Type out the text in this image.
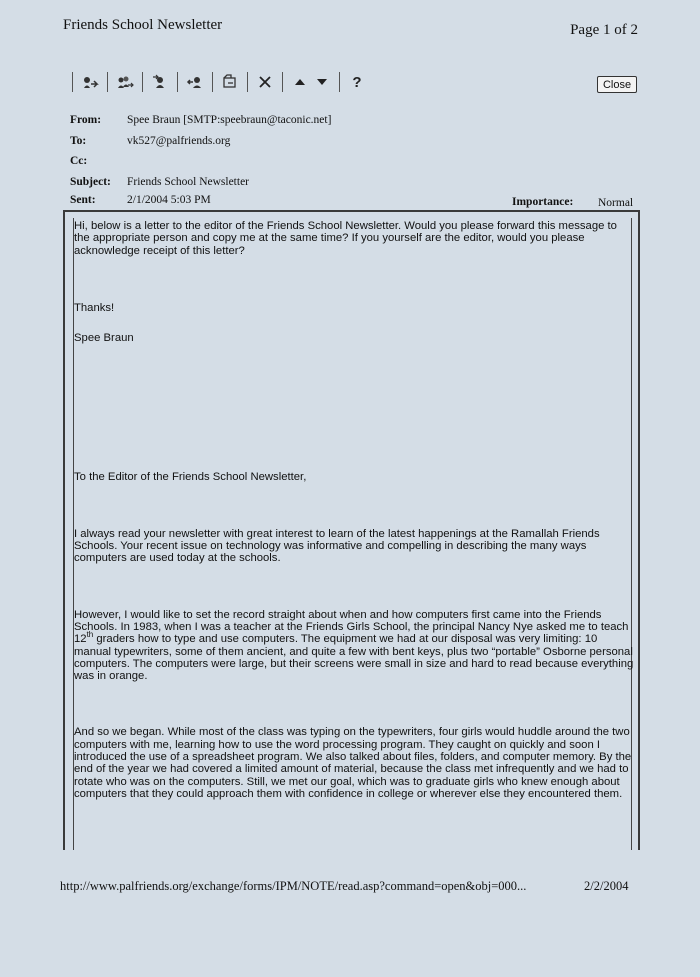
Friends School Newsletter	Page 1 of 2
?	Close
From: Spee Braun [SMTP:speebraun@taconic.net]
To:	vk527@palfriends.org
Cc:
Subject: Friends School Newsletter
Sent:	2/1/2004 5:03 PM	Importance: Normal

Hi, below is a letter to the editor of the Friends School Newsletter. Would you please forward this message to the appropriate person and copy me at the same time? If you yourself are the editor, would you please acknowledge receipt of this letter?

Thanks!

Spee Braun

To the Editor of the Friends School Newsletter,

I always read your newsletter with great interest to learn of the latest happenings at the Ramallah Friends Schools. Your recent issue on technology was informative and compelling in describing the many ways computers are used today at the schools.

However, I would like to set the record straight about when and how computers first came into the Friends Schools. In 1983, when I was a teacher at the Friends Girls School, the principal Nancy Nye asked me to teach 12th graders how to type and use computers. The equipment we had at our disposal was very limiting: 10 manual typewriters, some of them ancient, and quite a few with bent keys, plus two “portable” Osborne personal computers. The computers were large, but their screens were small in size and hard to read because everything was in orange.

And so we began. While most of the class was typing on the typewriters, four girls would huddle around the two computers with me, learning how to use the word processing program. They caught on quickly and soon I introduced the use of a spreadsheet program. We also talked about files, folders, and computer memory. By the end of the year we had covered a limited amount of material, because the class met infrequently and we had to rotate who was on the computers. Still, we met our goal, which was to graduate girls who knew enough about computers that they could approach them with confidence in college or wherever else they encountered them.

http://www.palfriends.org/exchange/forms/IPM/NOTE/read.asp?command=open&obj=000...	2/2/2004
